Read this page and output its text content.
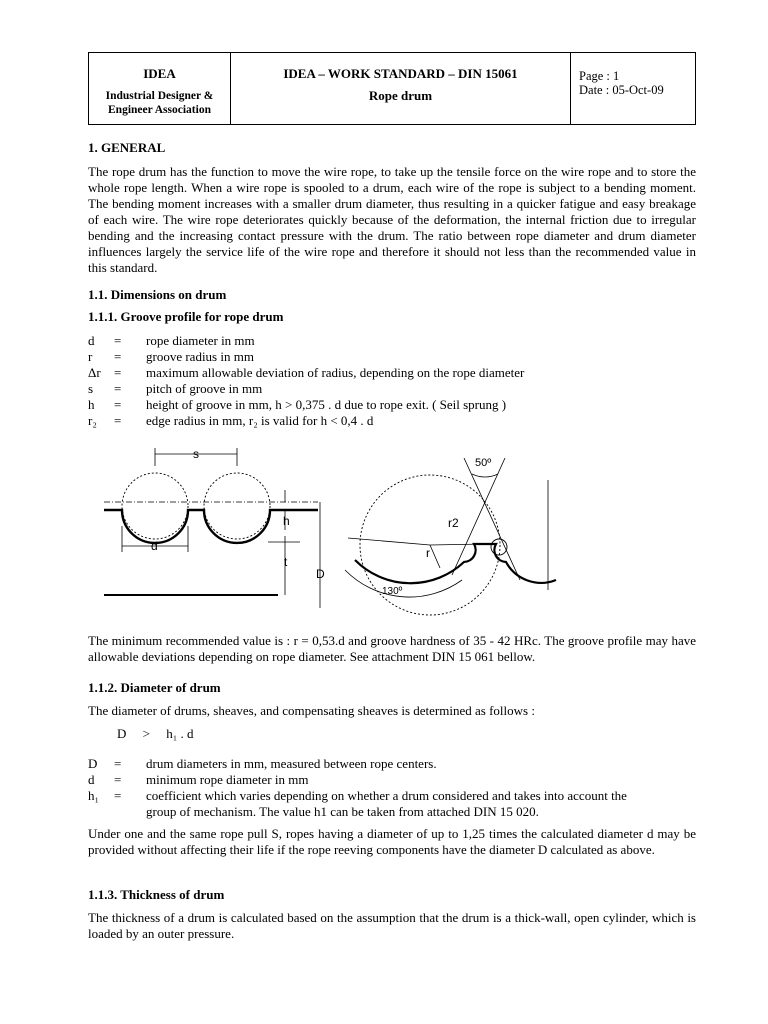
IDEA
Industrial Designer &
Engineer Association
IDEA – WORK STANDARD – DIN 15061
Rope drum
Page : 1
Date : 05-Oct-09
1. GENERAL
The rope drum has the function to move the wire rope, to take up the tensile force on the wire rope and to store the whole rope length. When a wire rope is spooled to a drum, each wire of the rope is subject to a bending moment. The bending moment increases with a smaller drum diameter, thus resulting in a quicker fatigue and easy breakage of each wire. The wire rope deteriorates quickly because of the deformation, the internal friction due to irregular bending and the increasing contact pressure with the drum. The ratio between rope diameter and drum diameter influences largely the service life of the wire rope and therefore it should not less than the recommended value in this standard.
1.1. Dimensions on drum
1.1.1. Groove profile for rope drum
d = rope diameter in mm
r = groove radius in mm
Δr = maximum allowable deviation of radius, depending on the rope diameter
s = pitch of groove in mm
h = height of groove in mm, h > 0,375 . d due to rope exit. ( Seil sprung )
r₂ = edge radius in mm, r₂ is valid for h < 0,4 . d
s
h
d
t
D
50º
r2
r
130º
The minimum recommended value is : r = 0,53.d and groove hardness of 35 - 42 HRc. The groove profile may have allowable deviations depending on rope diameter. See attachment DIN 15 061 bellow.
1.1.2. Diameter of drum
The diameter of drums, sheaves, and compensating sheaves is determined as follows :
D     >     h₁ . d
D = drum diameters in mm, measured between rope centers.
d = minimum rope diameter in mm
h₁ = coefficient which varies depending on whether a drum considered and takes into account the
group of mechanism. The value h1 can be taken from attached DIN 15 020.
Under one and the same rope pull S, ropes having a diameter of up to 1,25 times the calculated diameter d may be provided without affecting their life if the rope reeving components have the diameter D calculated as above.
1.1.3. Thickness of drum
The thickness of a drum is calculated based on the assumption that the drum is a thick-wall, open cylinder, which is loaded by an outer pressure.
